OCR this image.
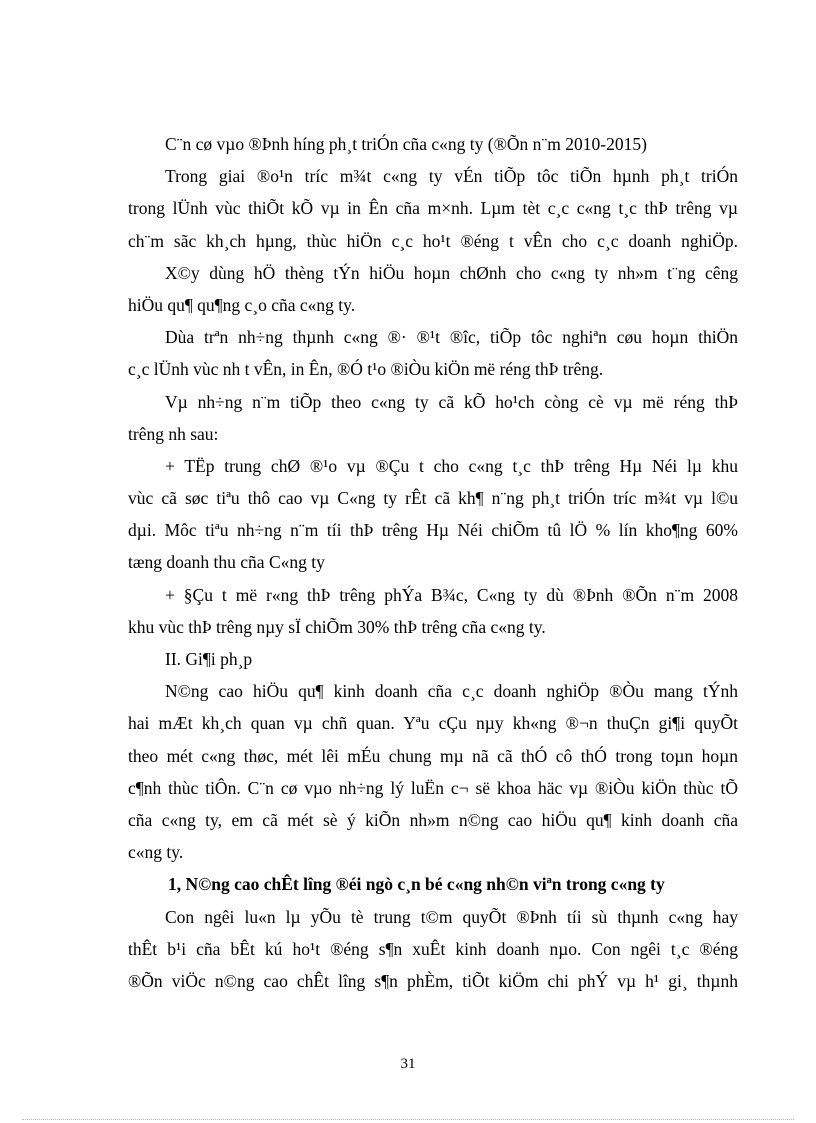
C¨n cø vµo ®Þnh híng ph¸t triÓn cña c«ng ty (®Õn n¨m 2010-2015)
Trong giai ®o¹n tríc m¾t c«ng ty vÉn tiÕp tôc tiÕn hµnh ph¸t triÓn
trong lÜnh vùc thiÕt kÕ vµ in Ên cña m×nh. Lµm tèt c¸c c«ng t¸c thÞ trêng vµ
ch¨m sãc kh¸ch hµng, thùc hiÖn c¸c ho¹t ®éng t vÊn cho c¸c doanh nghiÖp.
X©y dùng hÖ thèng tÝn hiÖu hoµn chØnh cho c«ng ty nh»m t¨ng cêng
hiÖu qu¶ qu¶ng c¸o cña c«ng ty.
Dùa trªn nh÷ng thµnh c«ng ®· ®¹t ®îc, tiÕp tôc nghiªn cøu hoµn thiÖn
c¸c lÜnh vùc nh t vÊn, in Ên, ®Ó t¹o ®iÒu kiÖn më réng thÞ trêng.
Vµ nh÷ng n¨m tiÕp theo c«ng ty cã kÕ ho¹ch còng cè vµ më réng thÞ
trêng nh sau:
+ TËp trung chØ ®¹o vµ ®Çu t cho c«ng t¸c thÞ trêng Hµ Néi lµ khu
vùc cã søc tiªu thô cao vµ C«ng ty rÊt cã kh¶ n¨ng ph¸t triÓn tríc m¾t vµ l©u
dµi. Môc tiªu nh÷ng n¨m tíi thÞ trêng Hµ Néi chiÕm tû lÖ % lín kho¶ng 60%
tæng doanh thu cña C«ng ty
+ §Çu t më r«ng thÞ trêng phÝa B¾c, C«ng ty dù ®Þnh ®Õn n¨m 2008
khu vùc thÞ trêng nµy sÏ chiÕm 30% thÞ trêng cña c«ng ty.
II. Gi¶i ph¸p
N©ng cao hiÖu qu¶ kinh doanh cña c¸c doanh nghiÖp ®Òu mang tÝnh
hai mÆt kh¸ch quan vµ chñ quan. Yªu cÇu nµy kh«ng ®¬n thuÇn gi¶i quyÕt
theo mét c«ng thøc, mét lêi mÉu chung mµ nã cã thÓ cô thÓ trong toµn hoµn
c¶nh thùc tiÔn. C¨n cø vµo nh÷ng lý luËn c¬ së khoa häc vµ ®iÒu kiÖn thùc tÕ
cña c«ng ty, em cã mét sè ý kiÕn nh»m n©ng cao hiÖu qu¶ kinh doanh cña
c«ng ty.
1, N©ng cao chÊt lîng ®éi ngò c¸n bé c«ng nh©n viªn trong c«ng ty
Con ngêi lu«n lµ yÕu tè trung t©m quyÕt ®Þnh tíi sù thµnh c«ng hay
thÊt b¹i cña bÊt kú ho¹t ®éng s¶n xuÊt kinh doanh nµo. Con ngêi t¸c ®éng
®Õn viÖc n©ng cao chÊt lîng s¶n phÈm, tiÕt kiÖm chi phÝ vµ h¹ gi¸ thµnh
31
